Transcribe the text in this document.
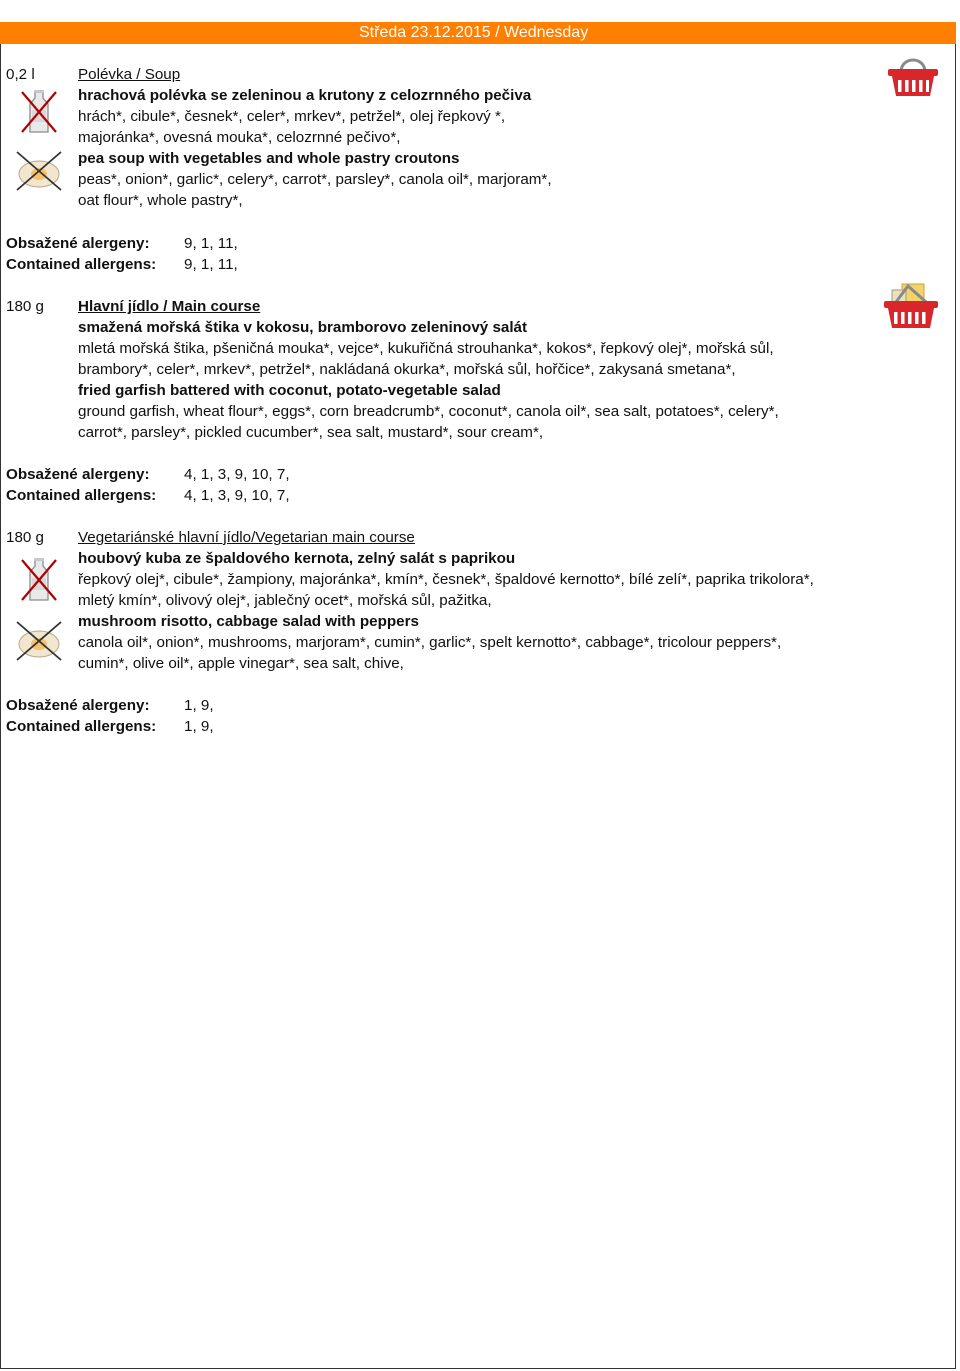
Středa 23.12.2015 / Wednesday
0,2 l	Polévka / Soup
hrachová polévka se zeleninou a krutony z celozrnného pečiva
hrách*, cibule*, česnek*, celer*, mrkev*, petržel*, olej řepkový *,
majoránka*, ovesná mouka*, celozrnné pečivo*,
pea soup with vegetables and whole pastry croutons
peas*, onion*, garlic*, celery*, carrot*, parsley*, canola oil*, marjoram*,
oat flour*, whole pastry*,
Obsažené alergeny: 9, 1, 11,
Contained allergens: 9, 1, 11,
180 g Hlavní jídlo / Main course
smažená mořská štika v kokosu, bramborovo zeleninový salát
mletá mořská štika, pšeničná mouka*, vejce*, kukuřičná strouhanka*, kokos*, řepkový olej*, mořská sůl,
brambory*, celer*, mrkev*, petržel*, nakládaná okurka*, mořská sůl, hořčice*, zakysaná smetana*,
fried garfish battered with coconut, potato-vegetable salad
ground garfish, wheat flour*, eggs*, corn breadcrumb*, coconut*, canola oil*, sea salt, potatoes*, celery*,
carrot*, parsley*, pickled cucumber*, sea salt, mustard*, sour cream*,
Obsažené alergeny: 4, 1, 3, 9, 10, 7,
Contained allergens: 4, 1, 3, 9, 10, 7,
180 g Vegetariánské hlavní jídlo/Vegetarian main course
houbový kuba ze špaldového kernota, zelný salát s paprikou
řepkový olej*, cibule*, žampiony, majoránka*, kmín*, česnek*, špaldové kernotto*, bílé zelí*, paprika trikolora*,
mletý kmín*, olivový olej*, jablečný ocet*, mořská sůl, pažitka,
mushroom risotto, cabbage salad with peppers
canola oil*, onion*, mushrooms, marjoram*, cumin*, garlic*, spelt kernotto*, cabbage*, tricolour peppers*,
cumin*, olive oil*, apple vinegar*, sea salt, chive,
Obsažené alergeny: 1, 9,
Contained allergens: 1, 9,
